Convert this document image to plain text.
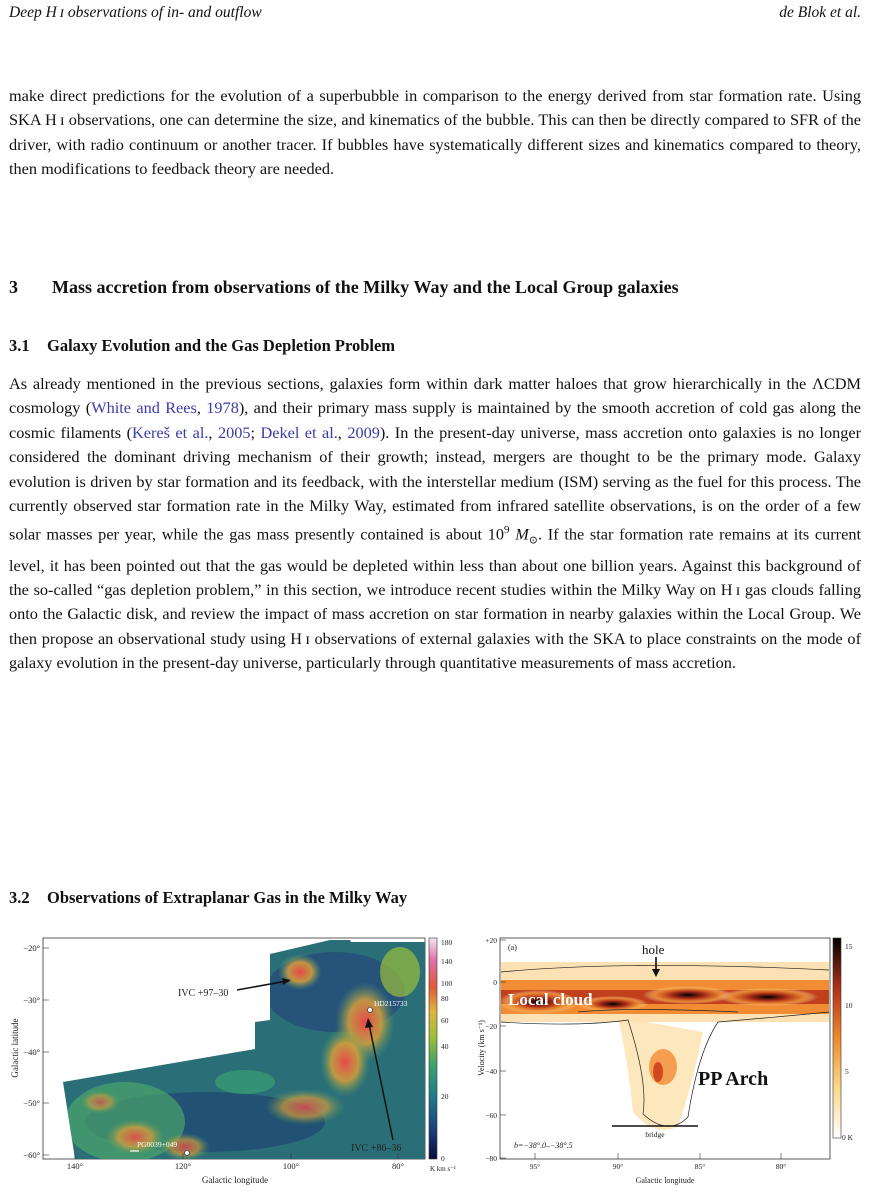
Deep H ɪ observations of in- and outflow	de Blok et al.

make direct predictions for the evolution of a superbubble in comparison to the energy derived from star formation rate. Using SKA H ɪ observations, one can determine the size, and kinematics of the bubble. This can then be directly compared to SFR of the driver, with radio continuum or another tracer. If bubbles have systematically different sizes and kinematics compared to theory, then modifications to feedback theory are needed.

3 Mass accretion from observations of the Milky Way and the Local Group galaxies
3.1 Galaxy Evolution and the Gas Depletion Problem

As already mentioned in the previous sections, galaxies form within dark matter haloes that grow hierarchically in the ΛCDM cosmology (White and Rees, 1978), and their primary mass supply is maintained by the smooth accretion of cold gas along the cosmic filaments (Kereš et al., 2005; Dekel et al., 2009). In the present-day universe, mass accretion onto galaxies is no longer considered the dominant driving mechanism of their growth; instead, mergers are thought to be the primary mode. Galaxy evolution is driven by star formation and its feedback, with the interstellar medium (ISM) serving as the fuel for this process. The currently observed star formation rate in the Milky Way, estimated from infrared satellite observations, is on the order of a few solar masses per year, while the gas mass presently contained is about $10^9$ $M_⊙$. If the star formation rate remains at its current level, it has been pointed out that the gas would be depleted within less than about one billion years. Against this background of the so-called “gas depletion problem,” in this section, we introduce recent studies within the Milky Way on H ɪ gas clouds falling onto the Galactic disk, and review the impact of mass accretion on star formation in nearby galaxies within the Local Group. We then propose an observational study using H ɪ observations of external galaxies with the SKA to place constraints on the mode of galaxy evolution in the present-day universe, particularly through quantitative measurements of mass accretion.

3.2 Observations of Extraplanar Gas in the Milky Way
−20°
−30°
−40°
−50°
−60°
140°	120°	100°	80°
Galactic longitude
Galactic latitude
IVC +97–30
IVC +86–36
HD215733
PG0039+049
180
140
100
80
60
40
20
0
K km s⁻¹
+20
0
−20
−40
−60
−80
95°	90°	85°	80°
Galactic longitude
Velocity (km s⁻¹)
(a)	hole
Local cloud
PP Arch
bridge
b=−38°.0–−38°.5
15
10
5
0 K
